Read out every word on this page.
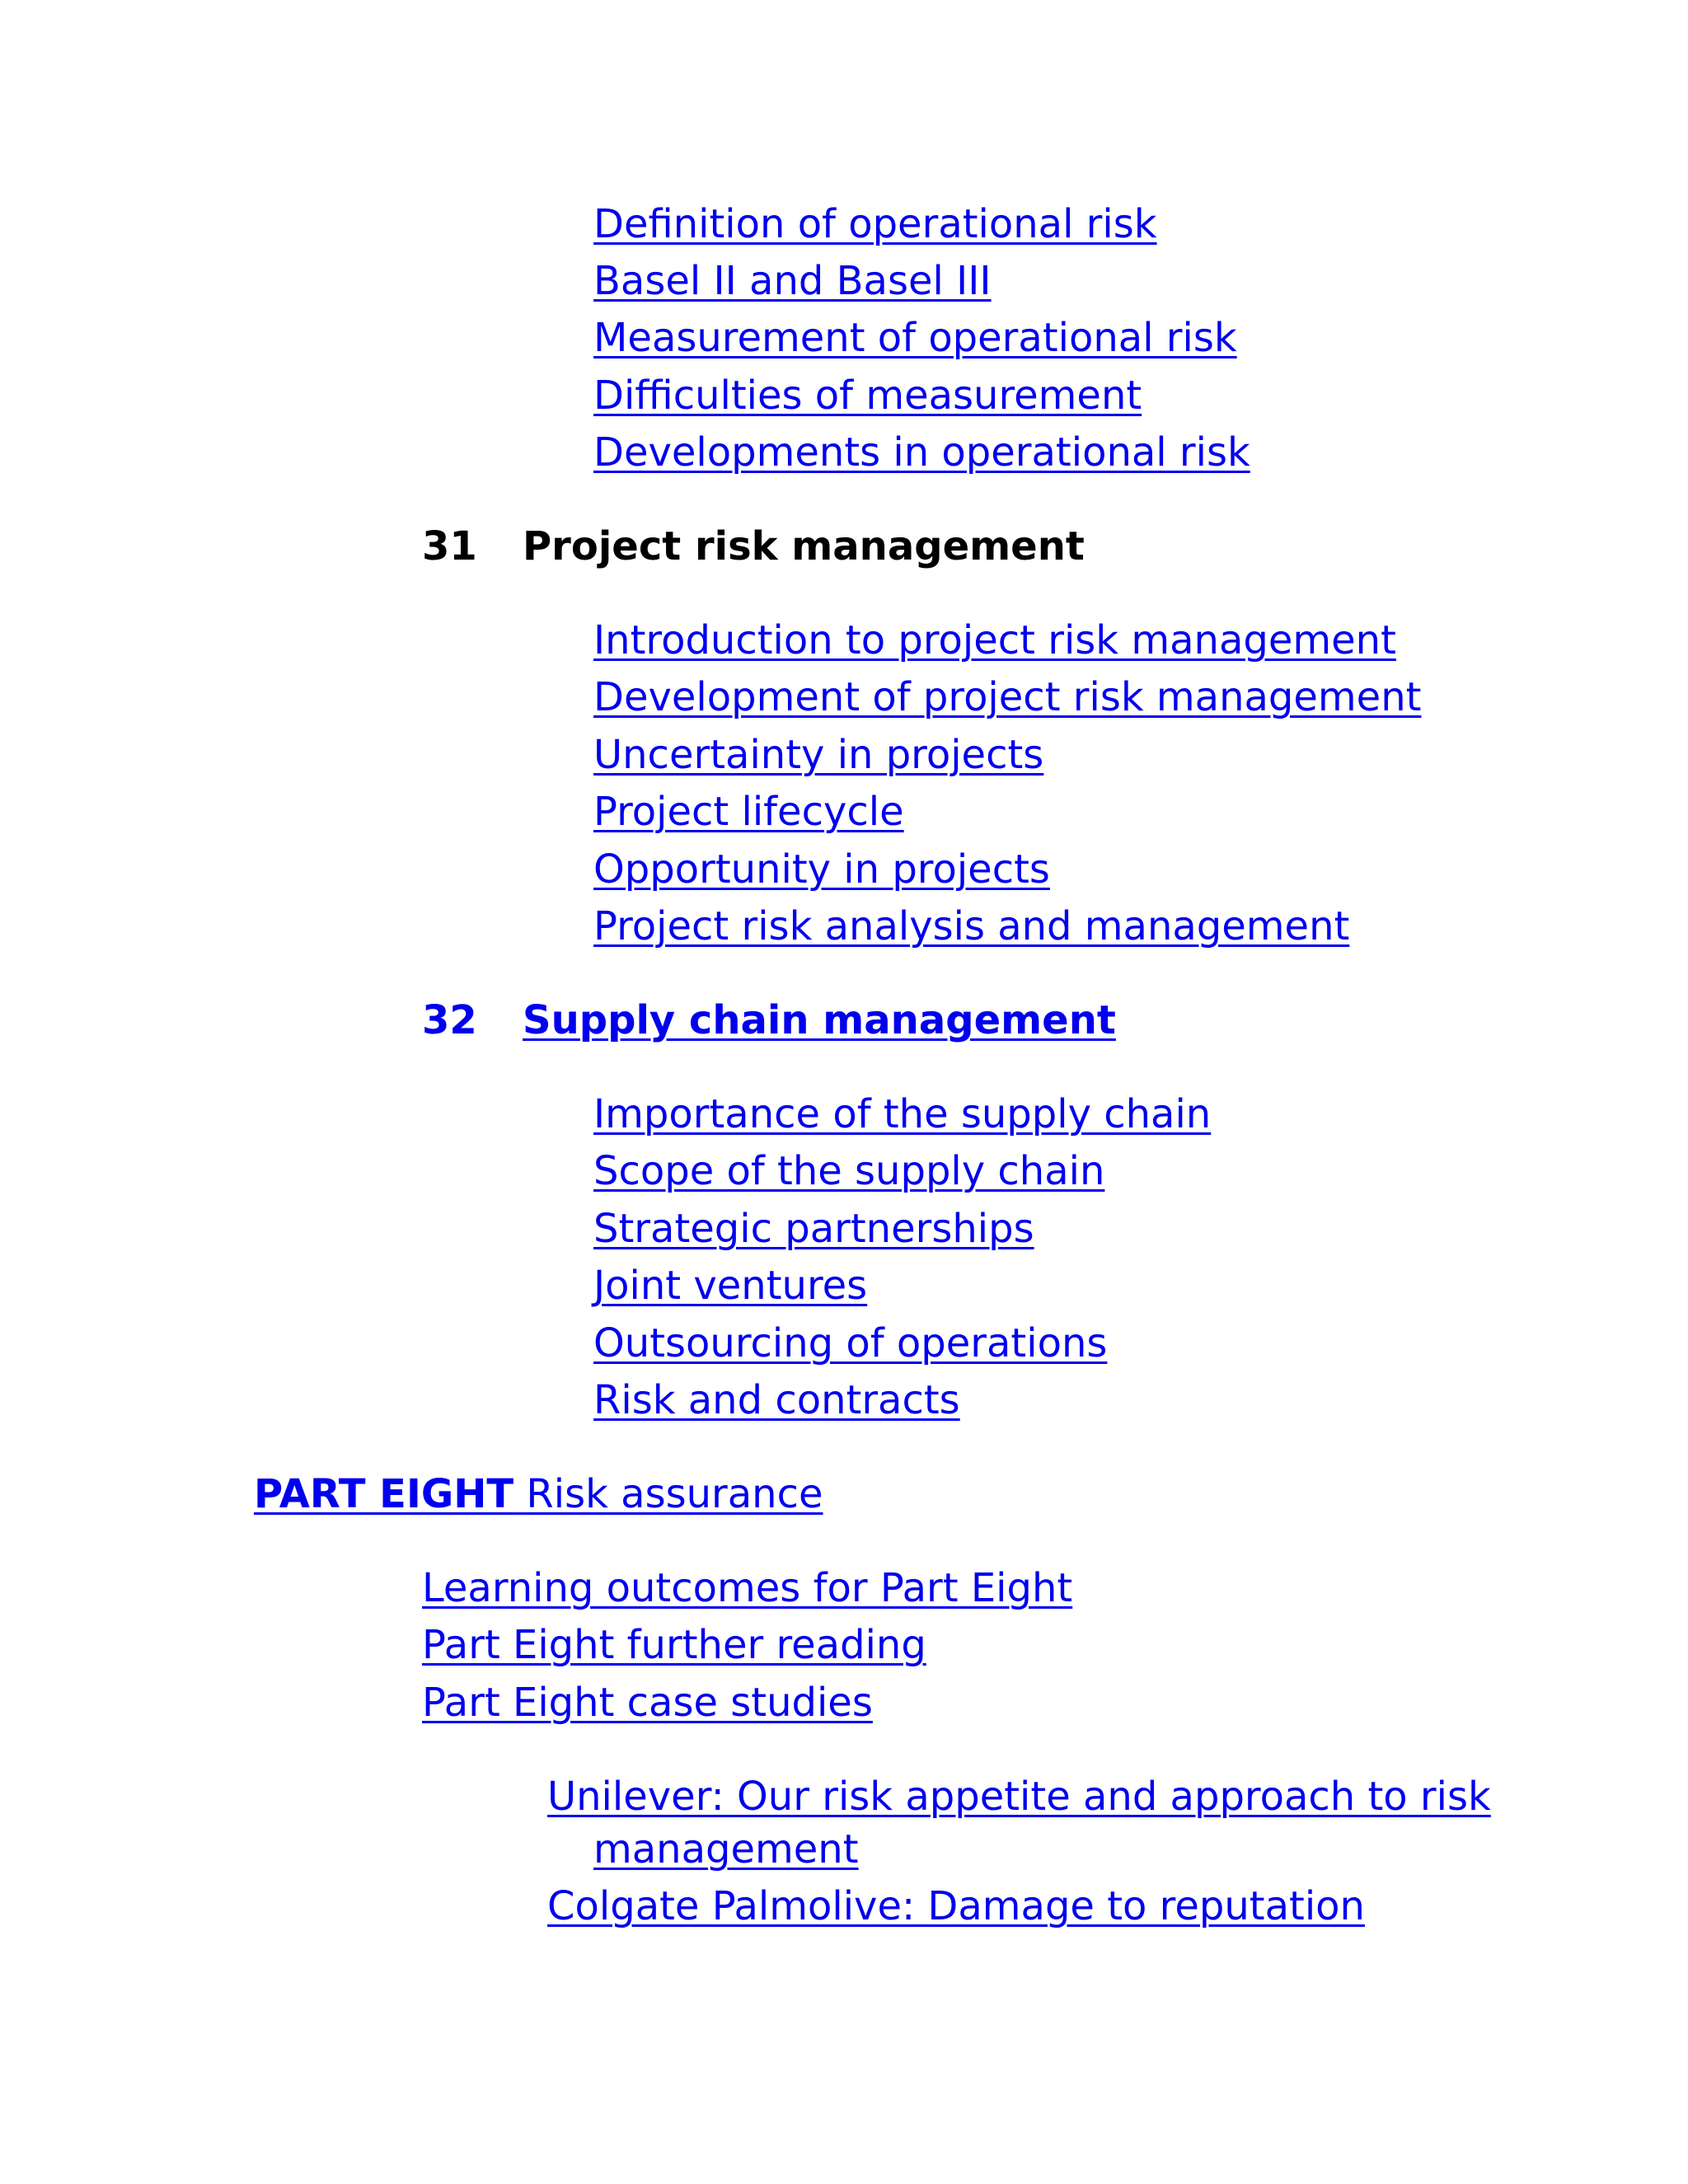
Definition of operational risk
Basel II and Basel III
Measurement of operational risk
Difficulties of measurement
Developments in operational risk
31 Project risk management
Introduction to project risk management
Development of project risk management
Uncertainty in projects
Project lifecycle
Opportunity in projects
Project risk analysis and management
32 Supply chain management
Importance of the supply chain
Scope of the supply chain
Strategic partnerships
Joint ventures
Outsourcing of operations
Risk and contracts
PART EIGHT Risk assurance
Learning outcomes for Part Eight
Part Eight further reading
Part Eight case studies
Unilever: Our risk appetite and approach to risk
management
Colgate Palmolive: Damage to reputation
